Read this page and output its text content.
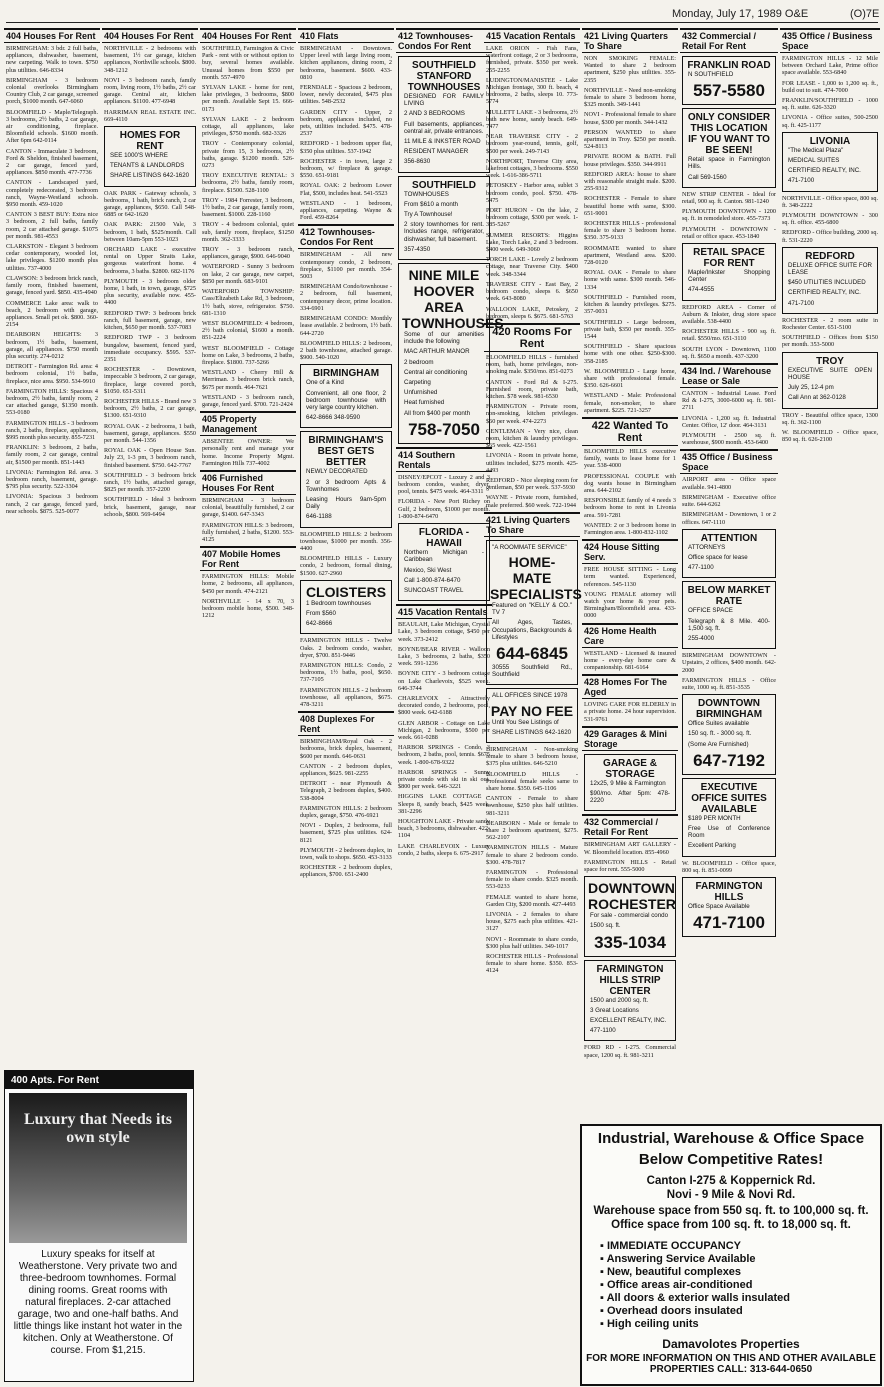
Monday, July 17, 1989 O&E	(O)7E
404 Houses For Rent

BIRMINGHAM: 3 bdr. 2 full baths, appliances, dishwasher, basement, new carpeting. Walk to town. $750 plus utilities. 646-8334

BIRMINGHAM - 3 bedroom colonial overlooks Birmingham Country Club, 2 car garage, screened porch, $1000 month. 647-6060

BLOOMFIELD - Maple/Telegraph. 3 bedrooms, 2½ baths, 2 car garage, air conditioning, fireplace. Bloomfield schools. $1600 month. After 6pm 642-0114

CANTON - Immaculate 3 bedroom, Ford & Sheldon, finished basement, 2 car garage, fenced yard, appliances. $850 month. 477-7736

CANTON - Landscaped yard, completely redecorated, 3 bedroom ranch, Wayne-Westland schools. $950 month. 459-1020

CANTON 3 BEST BUY: Extra nice 3 bedroom, 2 full baths, family room, 2 car attached garage. $1075 per month. 981-4553

CLARKSTON - Elegant 3 bedroom cedar contemporary, wooded lot, lake privileges. $1200 month plus utilities. 737-4000

CLAWSON: 3 bedroom brick ranch, family room, finished basement, garage, fenced yard. $850. 435-4940

COMMERCE Lake area: walk to beach, 2 bedroom with garage, appliances. Small pet ok. $800. 360-2154

DEARBORN HEIGHTS: 3 bedroom, 1½ baths, basement, garage, all appliances. $750 month plus security. 274-0212

DETROIT - Farmington Rd. area: 4 bedroom colonial, 1½ baths, fireplace, nice area. $950. 534-9910

FARMINGTON HILLS: Spacious 4 bedroom, 2½ baths, family room, 2 car attached garage, $1350 month. 553-0180

FARMINGTON HILLS - 3 bedroom ranch, 2 baths, fireplace, appliances, $995 month plus security. 855-7231

FRANKLIN: 3 bedroom, 2 baths, family room, 2 car garage, central air, $1500 per month. 851-1443

LIVONIA: Farmington Rd. area. 3 bedroom ranch, basement, garage. $795 plus security. 522-3304

LIVONIA: Spacious 3 bedroom ranch, 2 car garage, fenced yard, near schools. $875. 525-0077

404 Houses For Rent

NORTHVILLE - 2 bedrooms with basement, 1½ car garage, kitchen appliances, Northville schools. $800. 348-1212

NOVI - 3 bedroom ranch, family room, living room, 1½ baths, 2½ car garage. Central air, kitchen appliances. $1100. 477-6948

HARRIMAN REAL ESTATE INC. 669-4110

HOMES FOR RENT

SEE 1000'S WHERE

TENANTS & LANDLORDS

SHARE LISTINGS 642-1620

OAK PARK - Gateway schools, 3 bedrooms, 1 bath, brick ranch, 2 car garage, appliances, $650. Call 548-6885 or 642-1620

OAK PARK: 21500 Vale, 3 bedroom, 1 bath, $525/month. Call between 10am-5pm 553-1023

ORCHARD LAKE - executive rental on Upper Straits Lake, gorgeous waterfront home. 4 bedrooms, 3 baths. $2800. 682-1176

PLYMOUTH - 3 bedroom older home, 1 bath, in town, garage, $725 plus security, available now. 455-4400

REDFORD TWP: 3 bedroom brick ranch, full basement, garage, new kitchen, $650 per month. 537-7083

REDFORD TWP - 3 bedroom bungalow, basement, fenced yard, immediate occupancy. $595. 537-2351

ROCHESTER - Downtown, impeccable 3 bedroom, 2 car garage, fireplace, large covered porch, $1050. 651-5311

ROCHESTER HILLS - Brand new 3 bedroom, 2½ baths, 2 car garage, $1300. 651-9310

ROYAL OAK - 2 bedrooms, 1 bath, basement, garage, appliances. $550 per month. 544-1356

ROYAL OAK - Open House Sun. July 23, 1-3 pm, 3 bedroom ranch, finished basement. $750. 642-7767

SOUTHFIELD - 3 bedroom brick ranch, 1½ baths, attached garage, $825 per month. 357-2200

SOUTHFIELD - Ideal 3 bedroom brick, basement, garage, near schools, $800. 569-6494

400 Apts. For Rent
Luxury that Needs its own style
Luxury speaks for itself at Weatherstone. Very private two and three-bedroom townhomes. Formal dining rooms. Great rooms with natural fireplaces. 2-car attached garage, two and one-half baths. And little things like instant hot water in the kitchen. Only at Weatherstone. Of course. From $1,215.
404 Houses For Rent

SOUTHFIELD, Farmington & Civic Park - rent with or without option to buy, several homes available. Unusual homes from $550 per month. 557-4970

SYLVAN LAKE - home for rent, lake privileges, 3 bedrooms, $800 per month. Available Sept 15. 666-0173

SYLVAN LAKE - 2 bedroom cottage, all appliances, lake privileges, $750 month. 682-3326

TROY - Contemporary colonial, private from 15, 3 bedrooms, 2½ baths, garage. $1200 month. 526-0273

TROY EXECUTIVE RENTAL: 3 bedrooms, 2½ baths, family room, fireplace. $1500. 528-1100

TROY - 1984 Forrester, 3 bedroom, 1½ baths, 2 car garage, family room, basement. $1000. 228-1160

TROY - 4 bedroom colonial, quiet sub, family room, fireplace, $1250 month. 362-3333

TROY - 3 bedroom ranch, appliances, garage, $900. 646-9040

WATERFORD - Sunny 3 bedroom on lake, 2 car garage, new carpet, $850 per month. 683-9101

WATERFORD TOWNSHIP: Cass/Elizabeth Lake Rd, 3 bedroom, 1½ bath, stove, refrigerator. $750. 681-1310

WEST BLOOMFIELD: 4 bedroom, 2½ bath colonial, $1600 a month. 851-2224

WEST BLOOMFIELD - Cottage home on Lake, 3 bedrooms, 2 baths, fireplace. $1800. 737-5266

WESTLAND - Cherry Hill & Merriman. 3 bedroom brick ranch, $675 per month. 464-7621

WESTLAND - 3 bedroom ranch, garage, fenced yard. $700. 721-2424

405 Property Management

ABSENTEE OWNER: We personally rent and manage your home. Income Property Mgmt. Farmington Hills 737-4002

406 Furnished Houses For Rent

BIRMINGHAM - 3 bedroom colonial, beautifully furnished, 2 car garage, $1400. 647-3343

FARMINGTON HILLS: 3 bedroom, fully furnished, 2 baths, $1200. 553-4125

407 Mobile Homes For Rent

FARMINGTON HILLS: Mobile home, 2 bedrooms, all appliances, $450 per month. 474-2121

NORTHVILLE - 14 x 70, 3 bedroom mobile home, $500. 348-1212

410 Flats

BIRMINGHAM - Downtown. Upper level with large living room, kitchen appliances, dining room, 2 bedrooms, basement. $600. 433-0810

FERNDALE - Spacious 2 bedroom, lower, newly decorated, $475 plus utilities. 548-2532

GARDEN CITY - Upper, 2 bedroom, appliances included, no pets, utilities included. $475. 478-2537

REDFORD - 1 bedroom upper flat, $350 plus utilities. 537-1942

ROCHESTER - in town, large 2 bedroom, w/ fireplace & garage. $550. 651-9181

ROYAL OAK: 2 bedroom Lower Flat, $500, includes heat. 541-5523

WESTLAND - 1 bedroom, appliances, carpeting. Wayne & Ford. 459-8264

412 Townhouses-Condos For Rent

BIRMINGHAM - All new contemporary condo, 2 bedroom, fireplace, $1100 per month. 354-5003

BIRMINGHAM Condo/townhouse - 2 bedroom, full basement, contemporary decor, prime location. 334-6901

BIRMINGHAM CONDO: Monthly lease available. 2 bedroom, 1½ bath. 644-2720

BLOOMFIELD HILLS: 2 bedroom, 2 bath townhouse, attached garage. $900. 540-1020

BIRMINGHAM

One of a Kind

Convenient, all one floor, 2 bedroom townhouse with very large country kitchen.

642-8666 348-9590

BIRMINGHAM'S BEST GETS BETTER

NEWLY DECORATED

2 or 3 bedroom Apts & Townhomes

Leasing Hours 9am-5pm Daily

646-1188

BLOOMFIELD HILLS: 2 bedroom townhouse, $1000 per month. 356-4400

BLOOMFIELD HILLS - Luxury condo, 2 bedroom, formal dining, $1500. 627-2960

CLOISTERS

1 Bedroom townhouses

From $560

642-8666

FARMINGTON HILLS - Twelve Oaks. 2 bedroom condo, washer, dryer, $700. 851-9446

FARMINGTON HILLS: Condo, 2 bedrooms, 1½ baths, pool, $650. 737-7105

FARMINGTON HILLS - 2 bedroom townhouse, all appliances, $675. 478-3211

408 Duplexes For Rent

BIRMINGHAM/Royal Oak - 2 bedrooms, brick duplex, basement, $600 per month. 646-0631

CANTON - 2 bedroom duplex, appliances, $625. 981-2255

DETROIT - near Plymouth & Telegraph, 2 bedroom duplex, $400. 538-8004

FARMINGTON HILLS: 2 bedroom duplex, garage, $750. 476-6921

NOVI - Duplex, 2 bedrooms, full basement, $725 plus utilities. 624-8121

PLYMOUTH - 2 bedroom duplex, in town, walk to shops. $650. 453-3133

ROCHESTER - 2 bedroom duplex, appliances, $700. 651-2400

412 Townhouses-Condos For Rent
SOUTHFIELD STANFORD TOWNHOUSES

DESIGNED FOR FAMILY LIVING

2 AND 3 BEDROOMS

Full basements, appliances, central air, private entrances.

11 MILE & INKSTER ROAD

RESIDENT MANAGER

356-8630

SOUTHFIELD

TOWNHOUSES

From $610 a month

Try A Townhouse!

2 story townhomes for rent. Includes range, refrigerator, dishwasher, full basement.

357-4350

NINE MILE HOOVER AREA TOWNHOUSES

Some of our amenities include the following

MAC ARTHUR MANOR

2 bedroom

Central air conditioning

Carpeting

Unfurnished

Heat furnished

All from $400 per month

758-7050
414 Southern Rentals

DISNEY/EPCOT - Luxury 2 and 3 bedroom condos, washer, dryer, pool, tennis. $475 week. 464-3311

FLORIDA - New Port Richey on Gulf, 2 bedroom, $1000 per month. 1-800-874-6470

FLORIDA - HAWAII

Northern Michigan - Caribbean

Mexico, Ski West

Call 1-800-874-6470

SUNCOAST TRAVEL

415 Vacation Rentals

BEAULAH, Lake Michigan, Crystal Lake, 3 bedroom cottage, $450 per week. 373-2412

BOYNE/BEAR RIVER - Walloon Lake, 3 bedrooms, 2 baths, $350 week. 591-1236

BOYNE CITY - 3 bedroom cottage on Lake Charlevoix, $525 week. 646-3744

CHARLEVOIX - Attractively decorated condo, 2 bedrooms, pool, $800 week. 642-6188

GLEN ARBOR - Cottage on Lake Michigan, 2 bedrooms, $500 per week. 661-0288

HARBOR SPRINGS - Condo, 3 bedroom, 2 baths, pool, tennis. $675 week. 1-800-678-9322

HARBOR SPRINGS - Sunny private condo with ski in ski out. $800 per week. 646-3221

HIGGINS LAKE COTTAGE - Sleeps 8, sandy beach, $425 week. 381-2296

HOUGHTON LAKE - Private sandy beach, 3 bedrooms, dishwasher. 422-1104

LAKE CHARLEVOIX - Luxury condo, 2 baths, sleeps 6. 675-2917

415 Vacation Rentals

LAKE ORION - Fish Fans, waterfront cottage, 2 or 3 bedrooms, furnished, private. $350 per week. 255-2255

LUDINGTON/MANISTEE - Lake Michigan frontage, 300 ft. beach, 4 bedrooms, 2 baths, sleeps 10. 773-5774

MULLETT LAKE - 3 bedrooms, 2½ bath new home, sandy beach. 649-7477

NEAR TRAVERSE CITY - 2 bedroom year-round, tennis, golf, $500 per week. 249-7143

NORTHPORT, Traverse City area, lakefront cottages, 3 bedrooms. $550 week. 1-616-386-5711

PETOSKEY - Harbor area, sublet 3 bedroom condo, pool. $750. 478-5475

PORT HURON - On the lake, 2 bedroom cottage, $300 per week. 1-385-5267

SUMMER RESORTS: Higgins Lake, Torch Lake, 2 and 3 bedroom. $400 week. 649-3060

TORCH LAKE - Lovely 2 bedroom cottage, near Traverse City. $400 week. 348-3344

TRAVERSE CITY - East Bay, 2 bedroom condo, sleeps 6. $650 week. 643-8080

WALLOON LAKE, Petoskey, 2 bedroom, sleeps 6. $675. 681-5763

420 Rooms For Rent

BLOOMFIELD HILLS - furnished room, bath, home privileges, non-smoking male. $350/mo. 851-0273

CANTON - Ford Rd & I-275. Furnished room, private bath, kitchen. $78 week. 981-6530

FARMINGTON - Private room, non-smoking, kitchen privileges. $60 per week. 474-2273

GENTLEMAN - Very nice, clean room, kitchen & laundry privileges. $65 week. 422-1561

LIVONIA - Room in private home, utilities included, $275 month. 425-4493

REDFORD - Nice sleeping room for gentleman, $50 per week. 537-5930

WAYNE - Private room, furnished, male preferred. $60 week. 722-1944

421 Living Quarters To Share

"A ROOMMATE SERVICE"

HOME-MATE SPECIALISTS

Featured on "KELLY & CO." TV 7

All Ages, Tastes, Occupations, Backgrounds & Lifestyles

644-6845

30555 Southfield Rd., Southfield

ALL OFFICES SINCE 1978

PAY NO FEE

Until You See Listings of

SHARE LISTINGS 642-1620

BIRMINGHAM - Non-smoking female to share 3 bedroom house, $375 plus utilities. 646-5210

BLOOMFIELD HILLS - Professional female seeks same to share home. $350. 645-1106

CANTON - Female to share townhouse, $250 plus half utilities. 981-3211

DEARBORN - Male or female to share 2 bedroom apartment, $275. 562-2107

FARMINGTON HILLS - Mature female to share 2 bedroom condo. $300. 478-7817

FARMINGTON - Professional female to share condo. $325 month. 553-0233

FEMALE wanted to share home, Garden City, $200 month. 427-4493

LIVONIA - 2 females to share house, $275 each plus utilities. 421-3127

NOVI - Roommate to share condo, $300 plus half utilities. 349-1017

ROCHESTER HILLS - Professional female to share home. $350. 853-4124

421 Living Quarters To Share

NON SMOKING FEMALE: Wanted to share 2 bedroom apartment, $250 plus utilities. 355-2355

NORTHVILLE - Need non-smoking female to share 3 bedroom home, $325 month. 349-1441

NOVI - Professional female to share house, $300 per month. 344-1432

PERSON WANTED to share apartment in Troy. $250 per month. 524-8113

PRIVATE ROOM & BATH. Full house privileges. $350. 344-9911

REDFORD AREA: house to share with reasonable straight male. $200. 255-9312

ROCHESTER - Female to share beautiful home with same, $300. 651-9001

ROCHESTER HILLS - professional female to share 3 bedroom home. $350. 375-9133

ROOMMATE wanted to share apartment, Westland area. $200. 728-0120

ROYAL OAK - Female to share home with same. $300 month. 546-1334

SOUTHFIELD - Furnished room, kitchen & laundry privileges. $275. 357-0031

SOUTHFIELD - Large bedroom, private bath, $350 per month. 355-1544

SOUTHFIELD - Share spacious home with one other. $250-$300. 358-2185

W. BLOOMFIELD - Large home, share with professional female. $350. 626-6601

WESTLAND - Male: Professional female, non-smoker, to share apartment. $225. 721-3257

422 Wanted To Rent

BLOOMFIELD HILLS executive family, wants to lease home for 1 year. 538-4000

PROFESSIONAL COUPLE with dog wants house in Birmingham area. 644-2102

RESPONSIBLE family of 4 needs 3 bedroom home to rent in Livonia area. 591-7281

WANTED: 2 or 3 bedroom home in Farmington area. 1-800-832-1102

424 House Sitting Serv.

FREE HOUSE SITTING - Long term wanted. Experienced, references. 545-1130

YOUNG FEMALE attorney will watch your home & your pets. Birmingham/Bloomfield area. 433-0000

426 Home Health Care

WESTLAND - Licensed & insured home - every-day home care & companionship. 681-6164

428 Homes For The Aged

LOVING CARE FOR ELDERLY in a private home. 24 hour supervision. 531-9761

429 Garages & Mini Storage
GARAGE & STORAGE

12x25, 9 Mile & Farmington

$90/mo. After 5pm: 478-2220

432 Commercial / Retail For Rent

BIRMINGHAM ART GALLERY - W. Bloomfield location. 855-4960

FARMINGTON HILLS - Retail space for rent. 555-5000

DOWNTOWN ROCHESTER

For sale - commercial condo

1500 sq. ft.

335-1034
FARMINGTON HILLS STRIP CENTER

1500 and 2000 sq. ft.

3 Great Locations

EXCELLENT REALTY, INC.

477-1100

FORD RD - I-275. Commercial space, 1200 sq. ft. 981-3211

432 Commercial / Retail For Rent
FRANKLIN ROAD

N SOUTHFIELD

557-5580
ONLY CONSIDER THIS LOCATION IF YOU WANT TO BE SEEN!

Retail space in Farmington Hills.

Call 569-1560

NEW STRIP CENTER - Ideal for retail, 900 sq. ft. Canton. 981-1240

PLYMOUTH DOWNTOWN - 1200 sq. ft. in remodeled store. 455-7373

PLYMOUTH - DOWNTOWN - retail or office space. 453-1840

RETAIL SPACE FOR RENT

Maple/Inkster Shopping Center

474-4555

REDFORD AREA - Corner of Auburn & Inkster, drug store space available. 538-4400

ROCHESTER HILLS - 900 sq. ft. retail. $550/mo. 651-3110

SOUTH LYON - Downtown, 1100 sq. ft. $650 a month. 437-3200

434 Ind. / Warehouse Lease or Sale

CANTON - Industrial Lease. Ford Rd & I-275, 3000-6000 sq. ft. 981-2711

LIVONIA - 1,200 sq. ft. Industrial Center. Office, 12' door. 464-3131

PLYMOUTH - 2500 sq. ft. warehouse, $900 month. 453-6400

435 Office / Business Space

AIRPORT area - Office space available. 941-4800

BIRMINGHAM - Executive office suite. 644-6262

BIRMINGHAM - Downtown, 1 or 2 offices. 647-1110

ATTENTION

ATTORNEYS

Office space for lease

477-1100

BELOW MARKET RATE

OFFICE SPACE

Telegraph & 8 Mile. 400-1,500 sq. ft.

255-4000

BIRMINGHAM DOWNTOWN - Upstairs, 2 offices, $400 month. 642-2000

FARMINGTON HILLS - Office suite, 1000 sq. ft. 851-3535

DOWNTOWN BIRMINGHAM

Office Suites available

150 sq. ft. - 3000 sq. ft.

(Some Are Furnished)

647-7192
EXECUTIVE OFFICE SUITES AVAILABLE

$189 PER MONTH

Free Use of Conference Room

Excellent Parking

W. BLOOMFIELD - Office space, 800 sq. ft. 851-0099

FARMINGTON HILLS

Office Space Available

471-7100
435 Office / Business Space

FARMINGTON HILLS - 12 Mile between Orchard Lake, Prime office space available. 553-6840

FOR LEASE - 1,000 to 1,200 sq. ft., build out to suit. 474-7000

FRANKLIN/SOUTHFIELD - 1000 sq. ft. suite. 626-3320

LIVONIA - Office suites, 500-2500 sq. ft. 425-1177

LIVONIA

"The Medical Plaza"

MEDICAL SUITES

CERTIFIED REALTY, INC.

471-7100

NORTHVILLE - Office space, 800 sq. ft. 348-2222

PLYMOUTH DOWNTOWN - 300 sq. ft. office. 455-6800

REDFORD - Office building, 2000 sq. ft. 531-2220

REDFORD

DELUXE OFFICE SUITE FOR LEASE

$450 UTILITIES INCLUDED

CERTIFIED REALTY, INC.

471-7100

ROCHESTER - 2 room suite in Rochester Center. 651-5100

SOUTHFIELD - Offices from $150 per month. 353-5000

TROY

EXECUTIVE SUITE OPEN HOUSE

July 25, 12-4 pm

Call Ann at 362-0128

TROY - Beautiful office space, 1300 sq. ft. 362-1100

W. BLOOMFIELD - Office space, 850 sq. ft. 626-2100

Industrial, Warehouse & Office Space
Below Competitive Rates!
Canton I-275 & Koppernick Rd.
Novi - 9 Mile & Novi Rd.
Warehouse space from 550 sq. ft. to 100,000 sq. ft.
Office space from 100 sq. ft. to 18,000 sq. ft.
▪ IMMEDIATE OCCUPANCY
▪ Answering Service Available
▪ New, beautiful complexes
▪ Office areas air-conditioned
▪ All doors & exterior walls insulated
▪ Overhead doors insulated
▪ High ceiling units
Damavolotes Properties
FOR MORE INFORMATION ON THIS AND OTHER AVAILABLE PROPERTIES CALL: 313-644-0650
